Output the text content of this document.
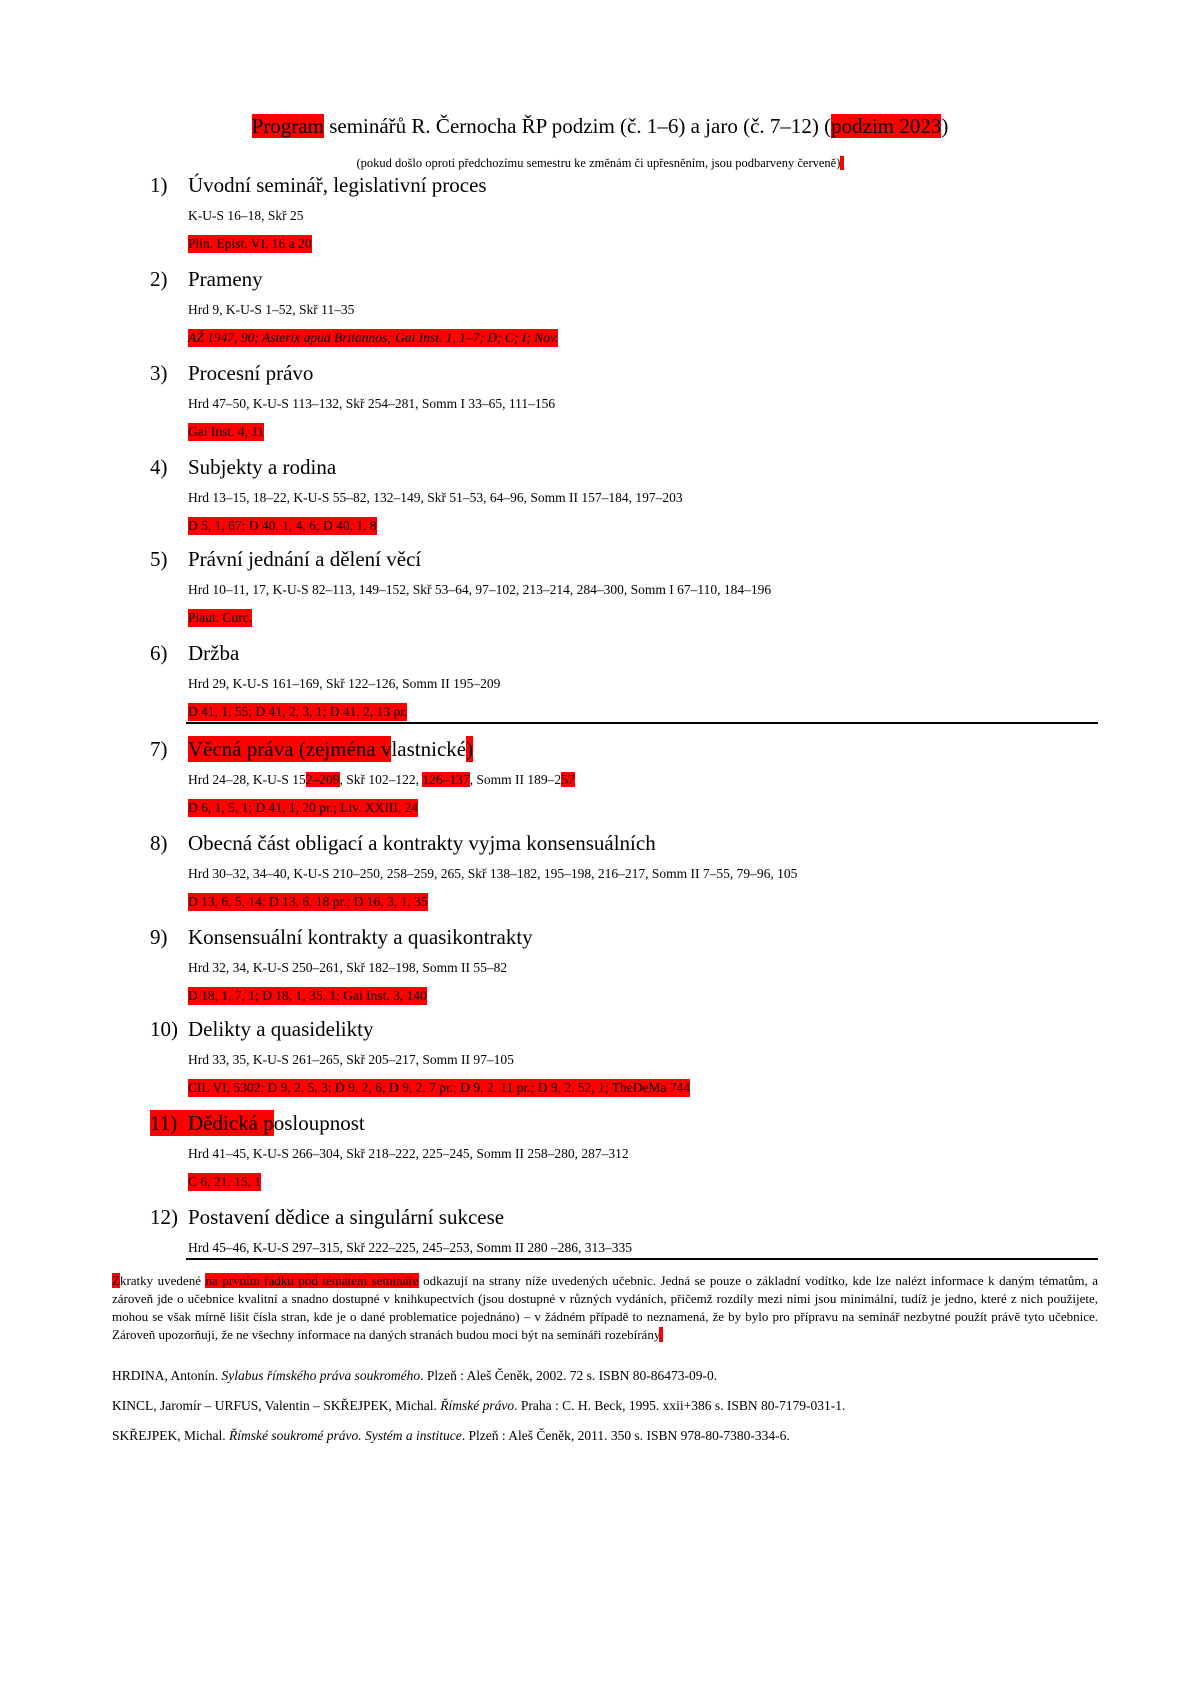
Program seminářů R. Černocha ŘP podzim (č. 1–6) a jaro (č. 7–12) (podzim 2023)
(pokud došlo oproti předchozímu semestru ke změnám či upřesněním, jsou podbarveny červeně)
1) Úvodní seminář, legislativní proces
K-U-S 16–18, Skř 25
Plin. Epist. VI, 16 a 20
2) Prameny
Hrd 9, K-U-S 1–52, Skř 11–35
AŽ 1947, 90; Asterix apud Britannos; Gai Inst. 1, 1–7; D; C; I; Nov.
3) Procesní právo
Hrd 47–50, K-U-S 113–132, Skř 254–281, Somm I 33–65, 111–156
Gai Inst. 4, 11
4) Subjekty a rodina
Hrd 13–15, 18–22, K-U-S 55–82, 132–149, Skř 51–53, 64–96, Somm II 157–184, 197–203
D 5, 1, 67; D 40, 1, 4, 6; D 40, 1, 8
5) Právní jednání a dělení věcí
Hrd 10–11, 17, K-U-S 82–113, 149–152, Skř 53–64, 97–102, 213–214, 284–300, Somm I 67–110, 184–196
Plaut. Curc.
6) Držba
Hrd 29, K-U-S 161–169, Skř 122–126, Somm II 195–209
D 41, 1, 55; D 41, 2, 3, 1; D 41, 2, 13 pr.
7) Věcná práva (zejména v lastnické )
Hrd 24–28, K-U-S 152–209, Skř 102–122, 126–137, Somm II 189–257
D 6, 1, 5, 1; D 41, 1, 20 pr.; Liv. XXIII, 24
8) Obecná část obligací a kontrakty vyjma konsensuálních
Hrd 30–32, 34–40, K-U-S 210–250, 258–259, 265, Skř 138–182, 195–198, 216–217, Somm II 7–55, 79–96, 105
D 13, 6, 5, 14; D 13, 6, 18 pr.; D 16, 3, 1, 35
9) Konsensuální kontrakty a quasikontrakty
Hrd 32, 34, K-U-S 250–261, Skř 182–198, Somm II 55–82
D 18, 1, 7, 1; D 18, 1, 35, 1; Gai Inst. 3, 140
10) Delikty a quasidelikty
Hrd 33, 35, K-U-S 261–265, Skř 205–217, Somm II 97–105
CIL VI, 5302; D 9, 2, 5, 3; D 9, 2, 6; D 9, 2, 7 pr.; D 9, 2, 11 pr.; D 9, 2, 52, 1; TheDeMa 744
11) Dědická p osloupnost
Hrd 41–45, K-U-S 266–304, Skř 218–222, 225–245, Somm II 258–280, 287–312
C 6, 21, 15, 1
12) Postavení dědice a singulární sukcese
Hrd 45–46, K-U-S 297–315, Skř 222–225, 245–253, Somm II 280 –286, 313–335
Zkratky uvedené na prvním řádku pod tématem semináře odkazují na strany níže uvedených učebnic. Jedná se pouze o základní vodítko, kde lze nalézt informace k daným tématům, a zároveň jde o učebnice kvalitní a snadno dostupné v knihkupectvích (jsou dostupné v různých vydáních, přičemž rozdíly mezi nimi jsou minimální, tudíž je jedno, které z nich použijete, mohou se však mírně lišit čísla stran, kde je o dané problematice pojednáno) – v žádném případě to neznamená, že by bylo pro přípravu na seminář nezbytné použít právě tyto učebnice. Zároveň upozorňuji, že ne všechny informace na daných stranách budou moci být na semináři rozebírány.
HRDINA, Antonín. Sylabus římského práva soukromého. Plzeň : Aleš Čeněk, 2002. 72 s. ISBN 80-86473-09-0.
KINCL, Jaromír – URFUS, Valentin – SKŘEJPEK, Michal. Římské právo. Praha : C. H. Beck, 1995. xxii+386 s. ISBN 80-7179-031-1.
SKŘEJPEK, Michal. Římské soukromé právo. Systém a instituce. Plzeň : Aleš Čeněk, 2011. 350 s. ISBN 978-80-7380-334-6.
